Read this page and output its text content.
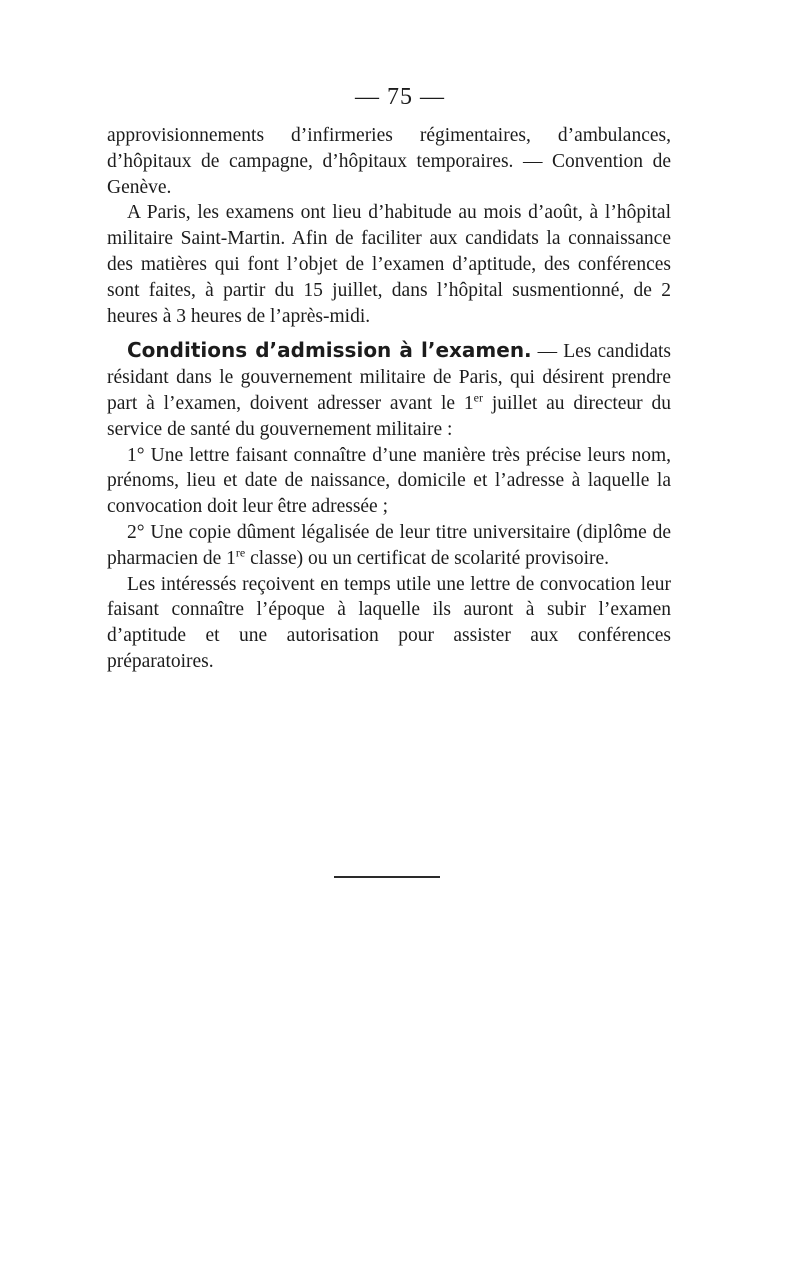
— 75 —

approvisionnements d’infirmeries régimentaires, d’ambulances, d’hôpitaux de campagne, d’hôpitaux temporaires. — Convention de Genève.

A Paris, les examens ont lieu d’habitude au mois d’août, à l’hôpital militaire Saint-Martin. Afin de faciliter aux candidats la connaissance des matières qui font l’objet de l’examen d’aptitude, des conférences sont faites, à partir du 15 juillet, dans l’hôpital susmentionné, de 2 heures à 3 heures de l’après-midi.

Conditions d’admission à l’examen. — Les candidats résidant dans le gouvernement militaire de Paris, qui désirent prendre part à l’examen, doivent adresser avant le 1er juillet au directeur du service de santé du gouvernement militaire :

1° Une lettre faisant connaître d’une manière très précise leurs nom, prénoms, lieu et date de naissance, domicile et l’adresse à laquelle la convocation doit leur être adressée ;

2° Une copie dûment légalisée de leur titre universitaire (diplôme de pharmacien de 1re classe) ou un certificat de scolarité provisoire.

Les intéressés reçoivent en temps utile une lettre de convocation leur faisant connaître l’époque à laquelle ils auront à subir l’examen d’aptitude et une autorisation pour assister aux conférences préparatoires.
